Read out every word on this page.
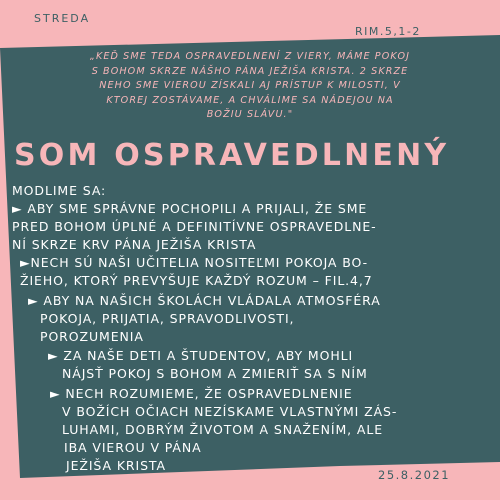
STREDA

RIM.5,1-2

„KEĎ SME TEDA OSPRAVEDLNENÍ Z VIERY, MÁME POKOJ
S BOHOM SKRZE NÁŠHO PÁNA JEŽIŠA KRISTA. 2 SKRZE
NEHO SME VIEROU ZÍSKALI AJ PRÍSTUP K MILOSTI, V
KTOREJ ZOSTÁVAME, A CHVÁLIME SA NÁDEJOU NA
BOŽIU SLÁVU."
SOM OSPRAVEDLNENÝ
MODLIME SA:
► ABY SME SPRÁVNE POCHOPILI A PRIJALI, ŽE SME
PRED BOHOM ÚPLNÉ A DEFINITÍVNE OSPRAVEDLNE-
NÍ SKRZE KRV PÁNA JEŽIŠA KRISTA
►NECH SÚ NAŠI UČITELIA NOSITEĽMI POKOJA BO-
ŽIEHO, KTORÝ PREVYŠUJE KAŽDÝ ROZUM – FIL.4,7
► ABY NA NAŠICH ŠKOLÁCH VLÁDALA ATMOSFÉRA
POKOJA, PRIJATIA, SPRAVODLIVOSTI,
POROZUMENIA
► ZA NAŠE DETI A ŠTUDENTOV, ABY MOHLI
NÁJSŤ POKOJ S BOHOM A ZMIERIŤ SA S NÍM
► NECH ROZUMIEME, ŽE OSPRAVEDLNENIE
V BOŽÍCH OČIACH NEZÍSKAME VLASTNÝMI ZÁS-
LUHAMI, DOBRÝM ŽIVOTOM A SNAŽENÍM, ALE
IBA VIEROU V PÁNA
JEŽIŠA KRISTA

25.8.2021
